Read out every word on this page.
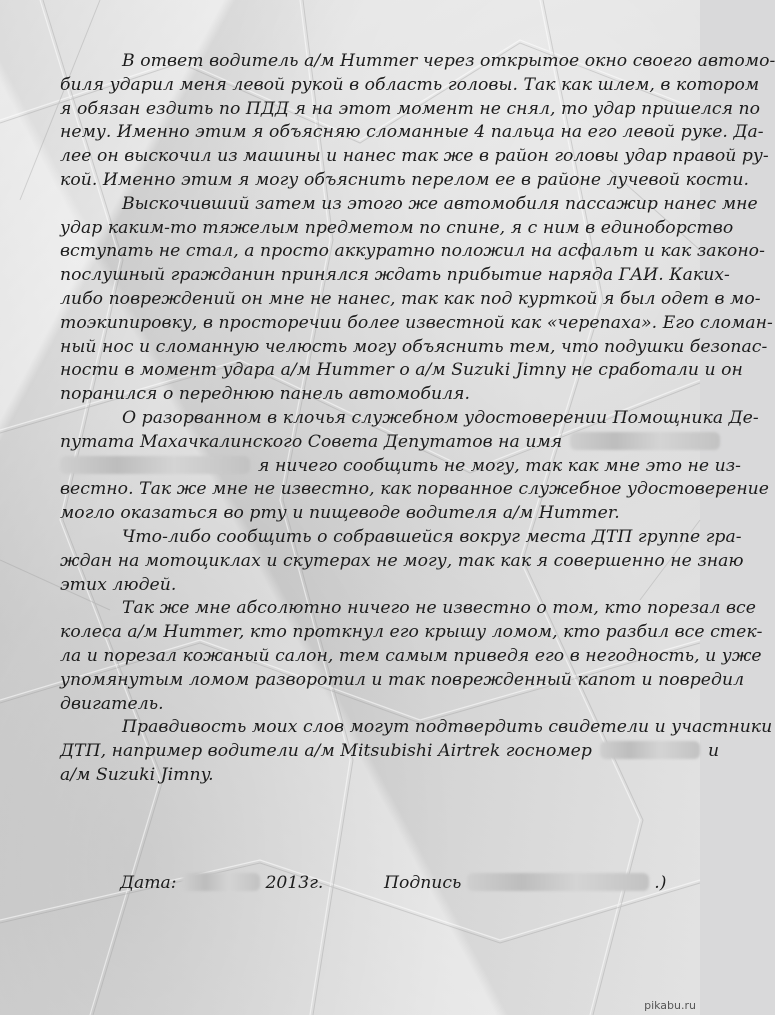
В ответ водитель а/м Hummer через открытое окно своего автомо-
биля ударил меня левой рукой в область головы. Так как шлем, в котором
я обязан ездить по ПДД я на этот момент не снял, то удар пришелся по
нему. Именно этим я объясняю сломанные 4 пальца на его левой руке. Да-
лее он выскочил из машины и нанес так же в район головы удар правой ру-
кой. Именно этим я могу объяснить перелом ее в районе лучевой кости.
Выскочивший затем из этого же автомобиля пассажир нанес мне
удар каким-то тяжелым предметом по спине, я с ним в единоборство
вступать не стал, а просто аккуратно положил на асфальт и как законо-
послушный гражданин принялся ждать прибытие наряда ГАИ. Каких-
либо повреждений он мне не нанес, так как под курткой я был одет в мо-
тоэкипировку, в просторечии более известной как «черепаха». Его сломан-
ный нос и сломанную челюсть могу объяснить тем, что подушки безопас-
ности в момент удара а/м Hummer о а/м Suzuki Jimny не сработали и он
поранился о переднюю панель автомобиля.
О разорванном в клочья служебном удостоверении Помощника Де-
путата Махачкалинского Совета Депутатов на имя
я ничего сообщить не могу, так как мне это не из-
вестно. Так же мне не известно, как порванное служебное удостоверение
могло оказаться во рту и пищеводе водителя а/м Hummer.
Что-либо сообщить о собравшейся вокруг места ДТП группе гра-
ждан на мотоциклах и скутерах не могу, так как я совершенно не знаю
этих людей.
Так же мне абсолютно ничего не известно о том, кто порезал все
колеса а/м Hummer, кто проткнул его крышу ломом, кто разбил все стек-
ла и порезал кожаный салон, тем самым приведя его в негодность, и уже
упомянутым ломом разворотил и так поврежденный капот и повредил
двигатель.
Правдивость моих слов могут подтвердить свидетели и участники
ДТП, например водители а/м Mitsubishi Airtrek госномер	и
а/м Suzuki Jimny.
Дата:	2013г.	Подпись	.)
pikabu.ru
